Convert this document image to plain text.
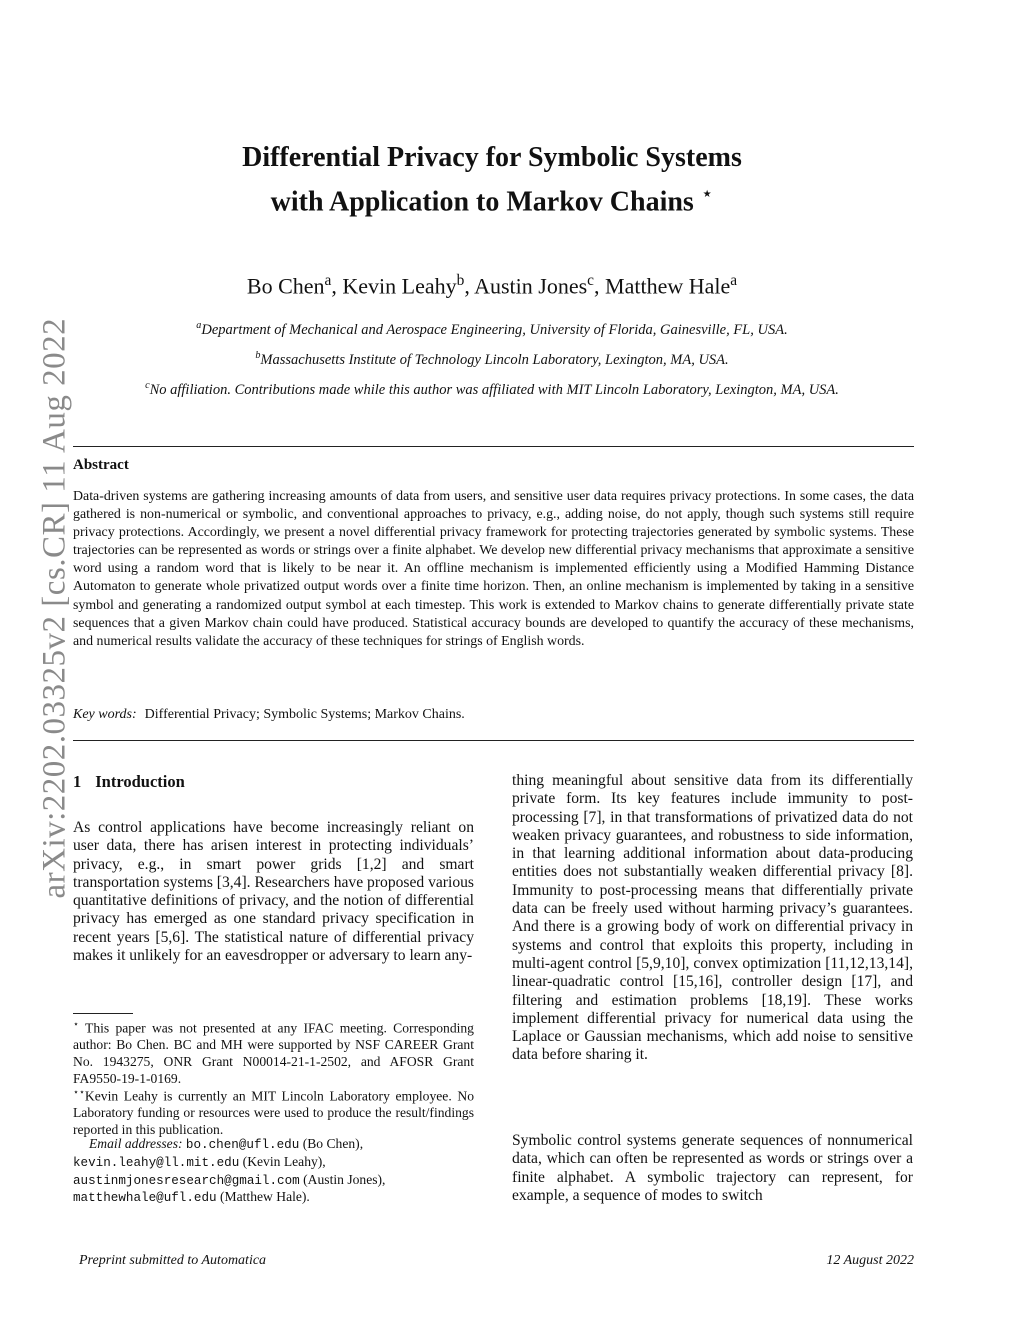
arXiv:2202.03325v2 [cs.CR] 11 Aug 2022
Differential Privacy for Symbolic Systems
with Application to Markov Chains ⋆
Bo Chen$^a$, Kevin Leahy$^b$, Austin Jones$^c$, Matthew Hale$^a$
$^a$Department of Mechanical and Aerospace Engineering, University of Florida, Gainesville, FL, USA.
$^b$Massachusetts Institute of Technology Lincoln Laboratory, Lexington, MA, USA.
$^c$No affiliation. Contributions made while this author was affiliated with MIT Lincoln Laboratory, Lexington, MA, USA.
Abstract
Data-driven systems are gathering increasing amounts of data from users, and sensitive user data requires privacy protections. In some cases, the data gathered is non-numerical or symbolic, and conventional approaches to privacy, e.g., adding noise, do not apply, though such systems still require privacy protections. Accordingly, we present a novel differential privacy framework for protecting trajectories generated by symbolic systems. These trajectories can be represented as words or strings over a finite alphabet. We develop new differential privacy mechanisms that approximate a sensitive word using a random word that is likely to be near it. An offline mechanism is implemented efficiently using a Modified Hamming Distance Automaton to generate whole privatized output words over a finite time horizon. Then, an online mechanism is implemented by taking in a sensitive symbol and generating a randomized output symbol at each timestep. This work is extended to Markov chains to generate differentially private state sequences that a given Markov chain could have produced. Statistical accuracy bounds are developed to quantify the accuracy of these mechanisms, and numerical results validate the accuracy of these techniques for strings of English words.
Key words: Differential Privacy; Symbolic Systems; Markov Chains.
1 Introduction
As control applications have become increasingly reliant on user data, there has arisen interest in protecting individuals’ privacy, e.g., in smart power grids [1,2] and smart transportation systems [3,4]. Researchers have proposed various quantitative definitions of privacy, and the notion of differential privacy has emerged as one standard privacy specification in recent years [5,6]. The statistical nature of differential privacy makes it unlikely for an eavesdropper or adversary to learn any-
⋆ This paper was not presented at any IFAC meeting. Corresponding author: Bo Chen. BC and MH were supported by NSF CAREER Grant No. 1943275, ONR Grant N00014-21-1-2502, and AFOSR Grant FA9550-19-1-0169.
⋆⋆Kevin Leahy is currently an MIT Lincoln Laboratory employee. No Laboratory funding or resources were used to produce the result/findings reported in this publication.
Email addresses: bo.chen@ufl.edu (Bo Chen),
kevin.leahy@ll.mit.edu (Kevin Leahy),
austinmjonesresearch@gmail.com (Austin Jones),
matthewhale@ufl.edu (Matthew Hale).
thing meaningful about sensitive data from its differentially private form. Its key features include immunity to post-processing [7], in that transformations of privatized data do not weaken privacy guarantees, and robustness to side information, in that learning additional information about data-producing entities does not substantially weaken differential privacy [8]. Immunity to post-processing means that differentially private data can be freely used without harming privacy’s guarantees. And there is a growing body of work on differential privacy in systems and control that exploits this property, including in multi-agent control [5,9,10], convex optimization [11,12,13,14], linear-quadratic control [15,16], controller design [17], and filtering and estimation problems [18,19]. These works implement differential privacy for numerical data using the Laplace or Gaussian mechanisms, which add noise to sensitive data before sharing it.
Symbolic control systems generate sequences of nonnumerical data, which can often be represented as words or strings over a finite alphabet. A symbolic trajectory can represent, for example, a sequence of modes to switch
Preprint submitted to Automatica	12 August 2022
